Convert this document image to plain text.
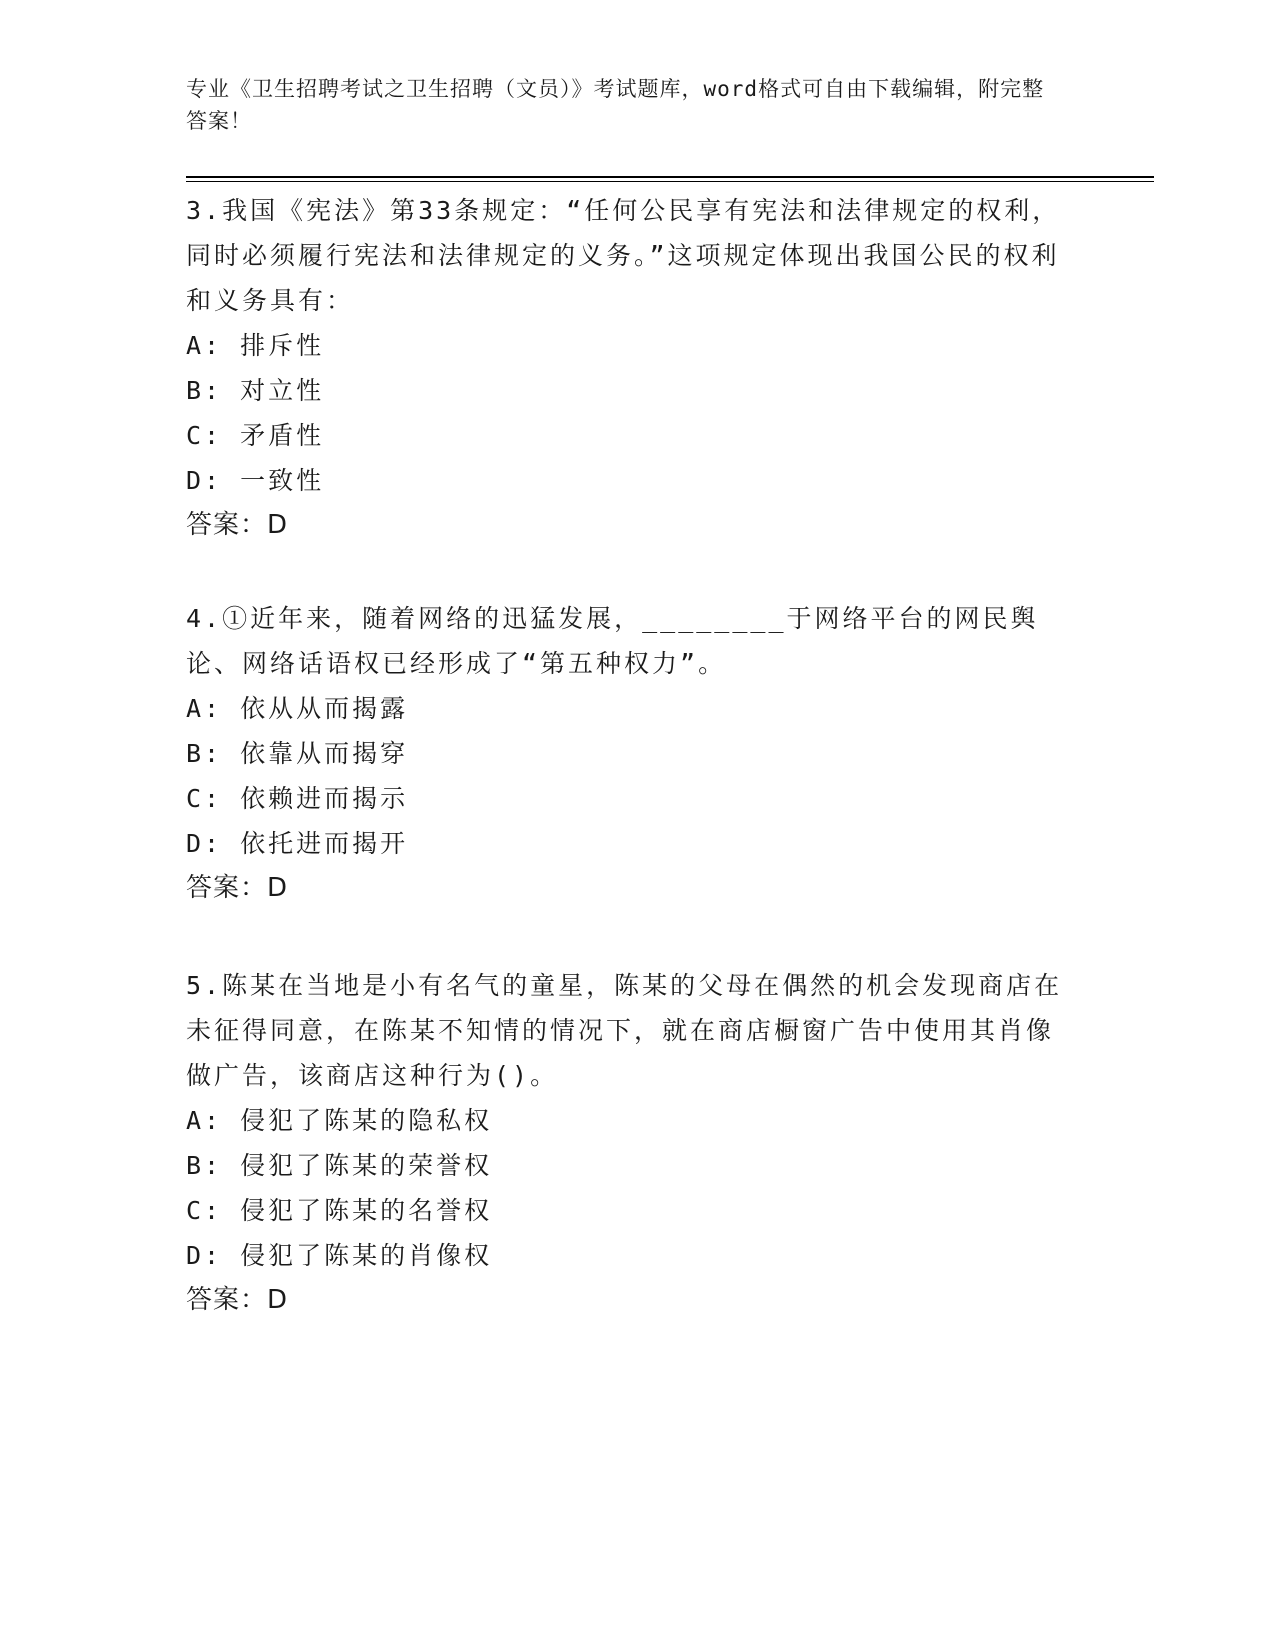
专业《卫生招聘考试之卫生招聘（文员）》考试题库，word格式可自由下载编辑，附完整答案！

3.我国《宪法》第33条规定：“任何公民享有宪法和法律规定的权利，同时必须履行宪法和法律规定的义务。”这项规定体现出我国公民的权利和义务具有：

A: 排斥性

B: 对立性

C: 矛盾性

D: 一致性

答案：D

4.①近年来，随着网络的迅猛发展，________于网络平台的网民舆论、网络话语权已经形成了“第五种权力”。

A: 依从从而揭露

B: 依靠从而揭穿

C: 依赖进而揭示

D: 依托进而揭开

答案：D

5.陈某在当地是小有名气的童星，陈某的父母在偶然的机会发现商店在未征得同意，在陈某不知情的情况下，就在商店橱窗广告中使用其肖像做广告，该商店这种行为()。

A: 侵犯了陈某的隐私权

B: 侵犯了陈某的荣誉权

C: 侵犯了陈某的名誉权

D: 侵犯了陈某的肖像权

答案：D
